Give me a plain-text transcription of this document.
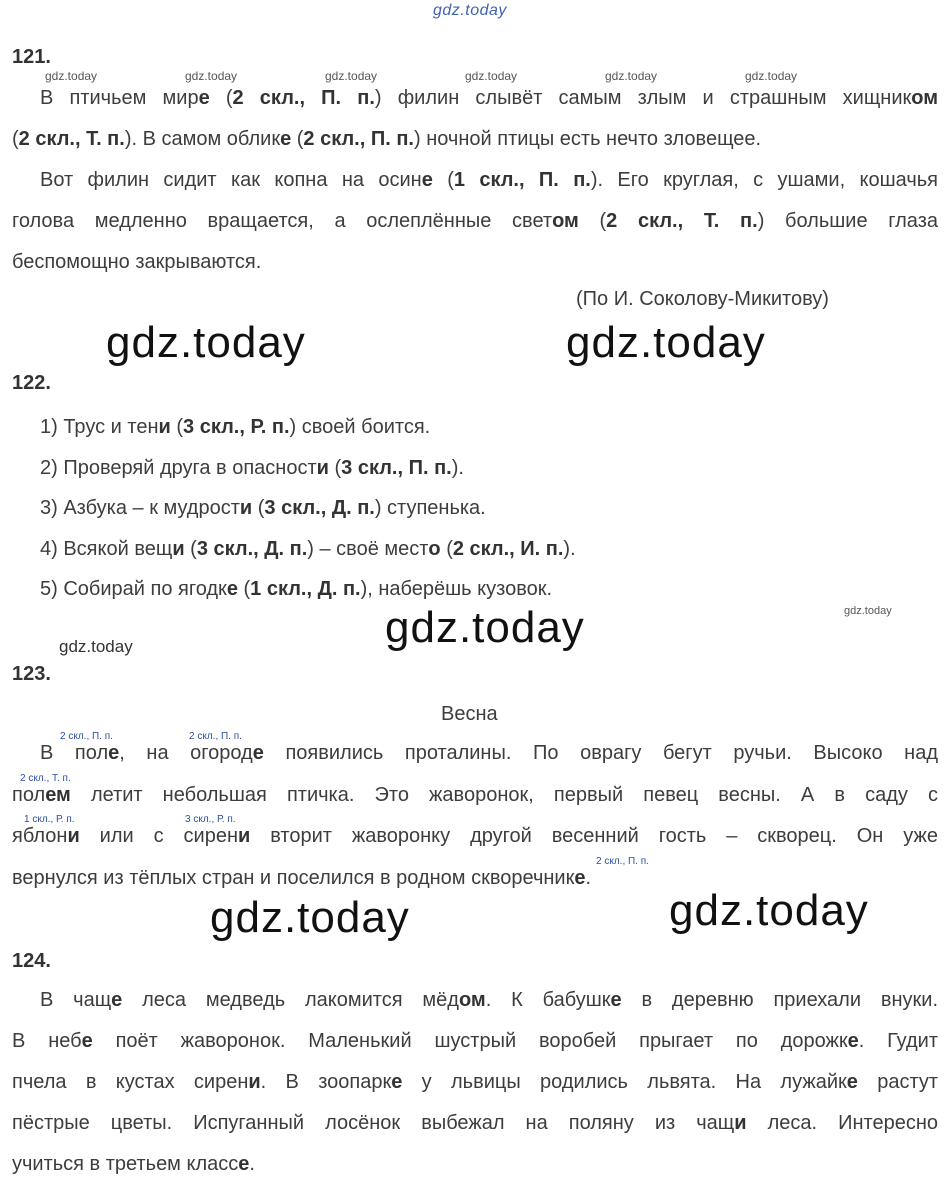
gdz.today
gdz.today	gdz.today	gdz.today	gdz.today	gdz.today	gdz.today
gdz.today	gdz.today
gdz.today
gdz.today
gdz.today
gdz.today	gdz.today
121.
В птичьем мире (2 скл., П. п.) филин слывёт самым злым и страшным хищником
(2 скл., Т. п.). В самом облике (2 скл., П. п.) ночной птицы есть нечто зловещее.
Вот филин сидит как копна на осине (1 скл., П. п.). Его круглая, с ушами, кошачья
голова медленно вращается, а ослеплённые светом (2 скл., Т. п.) большие глаза
беспомощно закрываются.
(По И. Соколову-Микитову)
122.
1) Трус и тени (3 скл., Р. п.) своей боится.
2) Проверяй друга в опасности (3 скл., П. п.).
3) Азбука – к мудрости (3 скл., Д. п.) ступенька.
4) Всякой вещи (3 скл., Д. п.) – своё место (2 скл., И. п.).
5) Собирай по ягодке (1 скл., Д. п.), наберёшь кузовок.
123.
Весна
2 скл., П. п.	2 скл., П. п.
2 скл., Т. п.
1 скл., Р. п.	3 скл., Р. п.
2 скл., П. п.
В поле, на огороде появились проталины. По оврагу бегут ручьи. Высоко над
полем летит небольшая птичка. Это жаворонок, первый певец весны. А в саду с
яблони или с сирени вторит жаворонку другой весенний гость – скворец. Он уже
вернулся из тёплых стран и поселился в родном скворечнике.
124.
В чаще леса медведь лакомится мёдом. К бабушке в деревню приехали внуки.
В небе поёт жаворонок. Маленький шустрый воробей прыгает по дорожке. Гудит
пчела в кустах сирени. В зоопарке у львицы родились львята. На лужайке растут
пёстрые цветы. Испуганный лосёнок выбежал на поляну из чащи леса. Интересно
учиться в третьем классе.
